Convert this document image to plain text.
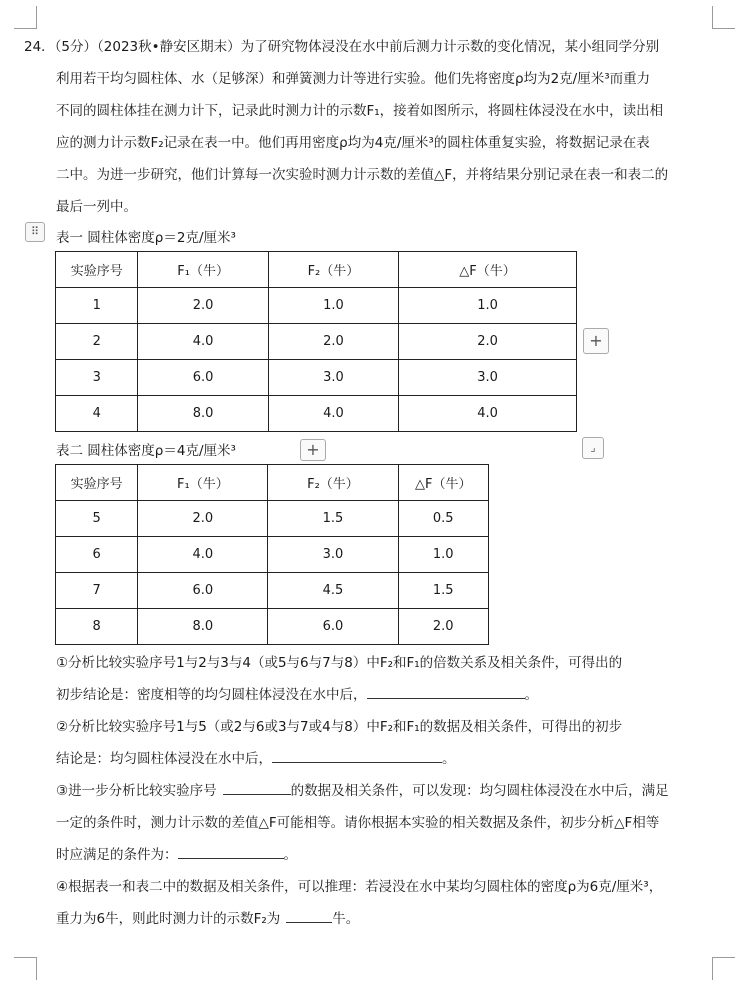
24．（5分）（2023秋•静安区期末）为了研究物体浸没在水中前后测力计示数的变化情况，某小组同学分别
利用若干均匀圆柱体、水（足够深）和弹簧测力计等进行实验。他们先将密度ρ均为2克/厘米³而重力
不同的圆柱体挂在测力计下，记录此时测力计的示数F₁，接着如图所示，将圆柱体浸没在水中，读出相
应的测力计示数F₂记录在表一中。他们再用密度ρ均为4克/厘米³的圆柱体重复实验，将数据记录在表
二中。为进一步研究，他们计算每一次实验时测力计示数的差值△F，并将结果分别记录在表一和表二的
最后一列中。
⠿	表一 圆柱体密度ρ＝2克/厘米³
实验序号	F₁（牛）	F₂（牛）	△F（牛）
1	2.0	1.0	1.0
2	4.0	2.0	2.0
3	6.0	3.0	3.0
4	8.0	4.0	4.0
+
表二 圆柱体密度ρ＝4克/厘米³	+	⌟
实验序号	F₁（牛）	F₂（牛）	△F（牛）
5	2.0	1.5	0.5
6	4.0	3.0	1.0
7	6.0	4.5	1.5
8	8.0	6.0	2.0
①分析比较实验序号1与2与3与4（或5与6与7与8）中F₂和F₁的倍数关系及相关条件，可得出的
初步结论是：密度相等的均匀圆柱体浸没在水中后，	。
②分析比较实验序号1与5（或2与6或3与7或4与8）中F₂和F₁的数据及相关条件，可得出的初步
结论是：均匀圆柱体浸没在水中后，	。
③进一步分析比较实验序号	的数据及相关条件，可以发现：均匀圆柱体浸没在水中后，满足
一定的条件时，测力计示数的差值△F可能相等。请你根据本实验的相关数据及条件，初步分析△F相等
时应满足的条件为：	。
④根据表一和表二中的数据及相关条件，可以推理：若浸没在水中某均匀圆柱体的密度ρ为6克/厘米³，
重力为6牛，则此时测力计的示数F₂为	牛。
